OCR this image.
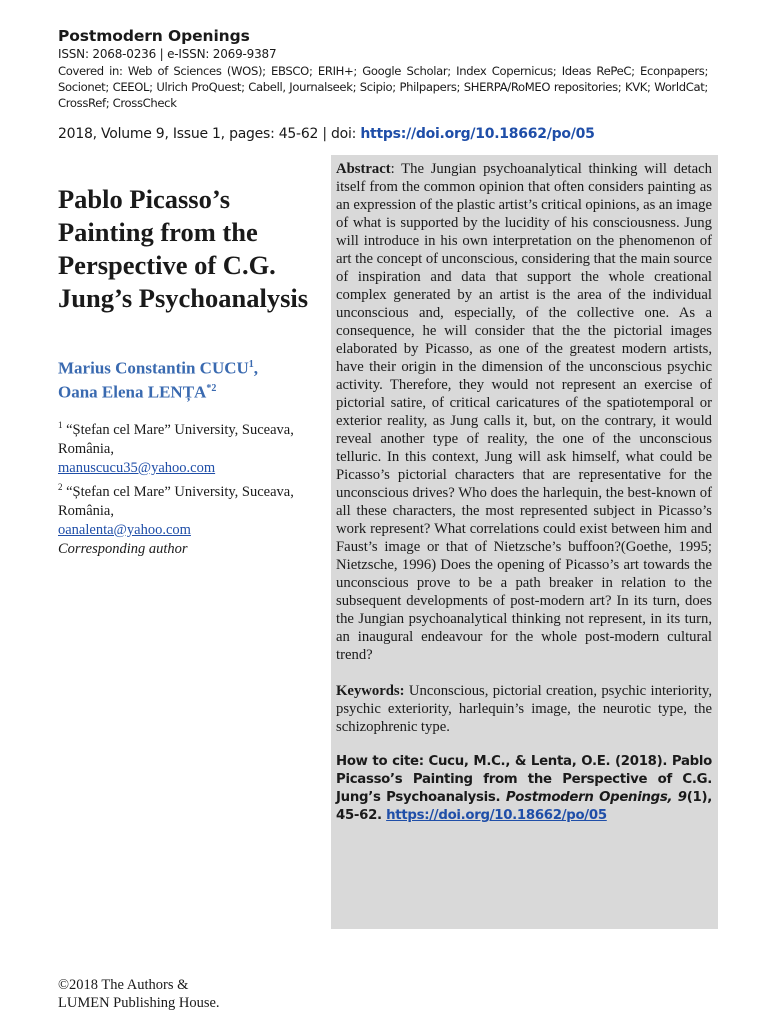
Postmodern Openings
ISSN: 2068-0236 | e-ISSN: 2069-9387
Covered in: Web of Sciences (WOS); EBSCO; ERIH+; Google Scholar; Index Copernicus; Ideas RePeC; Econpapers; Socionet; CEEOL; Ulrich ProQuest; Cabell, Journalseek; Scipio; Philpapers; SHERPA/RoMEO repositories; KVK; WorldCat; CrossRef; CrossCheck
2018, Volume 9, Issue 1, pages: 45-62 | doi: https://doi.org/10.18662/po/05
Pablo Picasso’s Painting from the Perspective of C.G. Jung’s Psychoanalysis
Marius Constantin CUCU$^1$,
Oana Elena LENȚA$^{*2}$
$^1$ “Ștefan cel Mare” University, Suceava, România,
manuscucu35@yahoo.com
$^2$ “Ștefan cel Mare” University, Suceava, România,
oanalenta@yahoo.com
Corresponding author

Abstract: The Jungian psychoanalytical thinking will detach itself from the common opinion that often considers painting as an expression of the plastic artist’s critical opinions, as an image of what is supported by the lucidity of his consciousness. Jung will introduce in his own interpretation on the phenomenon of art the concept of unconscious, considering that the main source of inspiration and data that support the whole creational complex generated by an artist is the area of the individual unconscious and, especially, of the collective one. As a consequence, he will consider that the the pictorial images elaborated by Picasso, as one of the greatest modern artists, have their origin in the dimension of the unconscious psychic activity. Therefore, they would not represent an exercise of pictorial satire, of critical caricatures of the spatiotemporal or exterior reality, as Jung calls it, but, on the contrary, it would reveal another type of reality, the one of the unconscious telluric. In this context, Jung will ask himself, what could be Picasso’s pictorial characters that are representative for the unconscious drives? Who does the harlequin, the best-known of all these characters, the most represented subject in Picasso’s work represent? What correlations could exist between him and Faust’s image or that of Nietzsche’s buffoon?(Goethe, 1995; Nietzsche, 1996) Does the opening of Picasso’s art towards the unconscious prove to be a path breaker in relation to the subsequent developments of post-modern art? In its turn, does the Jungian psychoanalytical thinking not represent, in its turn, an inaugural endeavour for the whole post-modern cultural trend?

Keywords: Unconscious, pictorial creation, psychic interiority, psychic exteriority, harlequin’s image, the neurotic type, the schizophrenic type.

How to cite: Cucu, M.C., & Lenta, O.E. (2018). Pablo Picasso’s Painting from the Perspective of C.G. Jung’s Psychoanalysis. Postmodern Openings, 9(1), 45-62. https://doi.org/10.18662/po/05

©2018 The Authors &
LUMEN Publishing House.
